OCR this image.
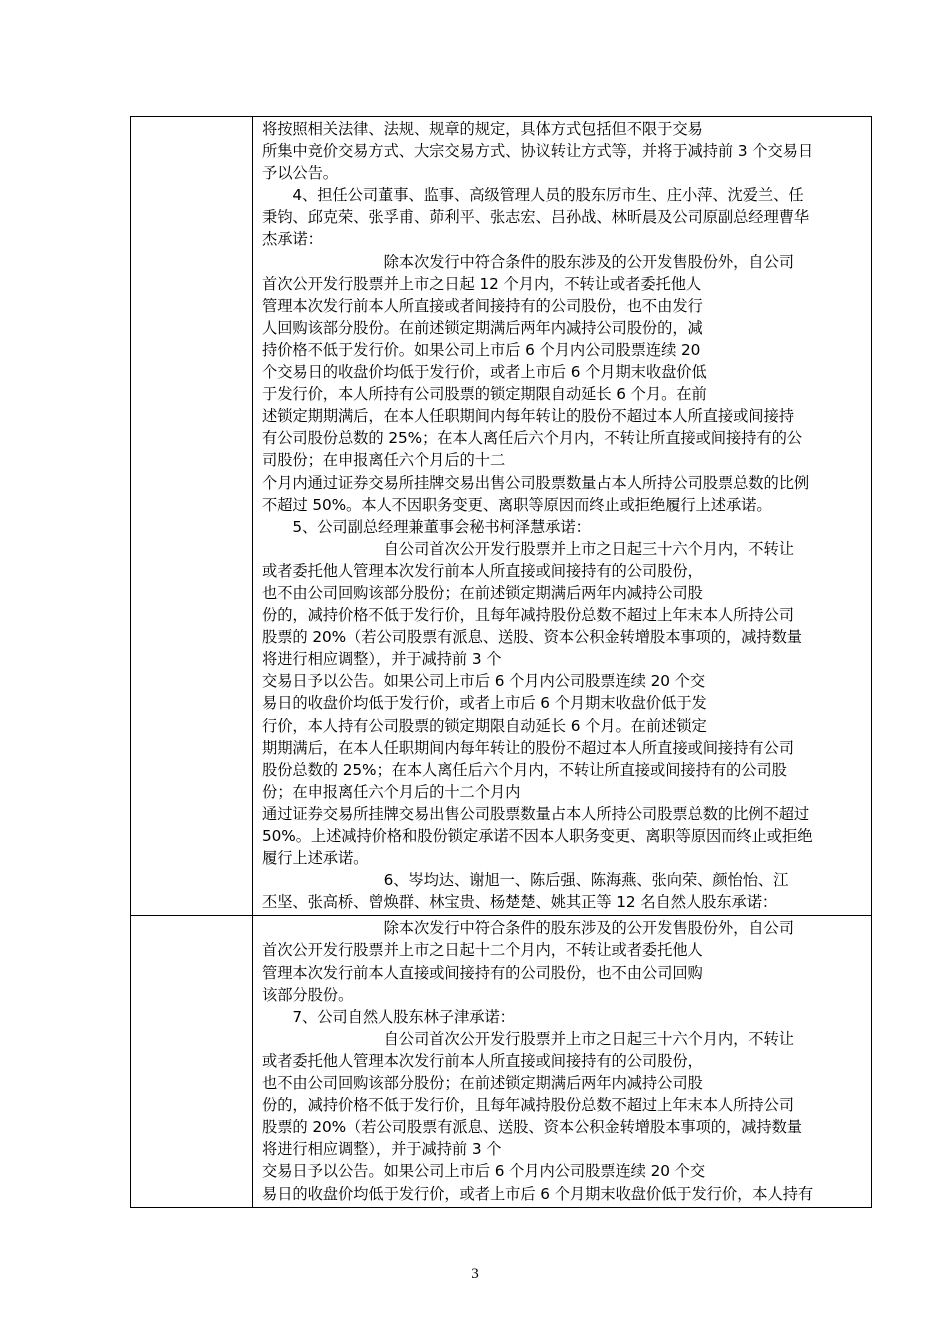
将按照相关法律、法规、规章的规定，具体方式包括但不限于交易
所集中竞价交易方式、大宗交易方式、协议转让方式等，并将于减持前 3 个交易日
予以公告。
　　4、担任公司董事、监事、高级管理人员的股东厉市生、庄小萍、沈爱兰、任
秉钧、邱克荣、张孚甫、茆利平、张志宏、吕孙战、林昕晨及公司原副总经理曹华
杰承诺：
　　　　　　　　除本次发行中符合条件的股东涉及的公开发售股份外，自公司
首次公开发行股票并上市之日起 12 个月内，不转让或者委托他人
管理本次发行前本人所直接或者间接持有的公司股份，也不由发行
人回购该部分股份。在前述锁定期满后两年内减持公司股份的，减
持价格不低于发行价。如果公司上市后 6 个月内公司股票连续 20
个交易日的收盘价均低于发行价，或者上市后 6 个月期末收盘价低
于发行价，本人所持有公司股票的锁定期限自动延长 6 个月。在前
述锁定期期满后，在本人任职期间内每年转让的股份不超过本人所直接或间接持
有公司股份总数的 25%；在本人离任后六个月内，不转让所直接或间接持有的公
司股份；在申报离任六个月后的十二
个月内通过证券交易所挂牌交易出售公司股票数量占本人所持公司股票总数的比例
不超过 50%。本人不因职务变更、离职等原因而终止或拒绝履行上述承诺。
　　5、公司副总经理兼董事会秘书柯泽慧承诺：
　　　　　　　　自公司首次公开发行股票并上市之日起三十六个月内，不转让
或者委托他人管理本次发行前本人所直接或间接持有的公司股份，
也不由公司回购该部分股份；在前述锁定期满后两年内减持公司股
份的，减持价格不低于发行价，且每年减持股份总数不超过上年末本人所持公司
股票的 20%（若公司股票有派息、送股、资本公积金转增股本事项的，减持数量
将进行相应调整），并于减持前 3 个
交易日予以公告。如果公司上市后 6 个月内公司股票连续 20 个交
易日的收盘价均低于发行价，或者上市后 6 个月期末收盘价低于发
行价，本人持有公司股票的锁定期限自动延长 6 个月。在前述锁定
期期满后，在本人任职期间内每年转让的股份不超过本人所直接或间接持有公司
股份总数的 25%；在本人离任后六个月内，不转让所直接或间接持有的公司股
份；在申报离任六个月后的十二个月内
通过证券交易所挂牌交易出售公司股票数量占本人所持公司股票总数的比例不超过
50%。上述减持价格和股份锁定承诺不因本人职务变更、离职等原因而终止或拒绝
履行上述承诺。
　　　　　　　　6、岑均达、谢旭一、陈后强、陈海燕、张向荣、颜怡怡、江
丕坚、张高桥、曾焕群、林宝贵、杨楚楚、姚其正等 12 名自然人股东承诺：
　　　　　　　　除本次发行中符合条件的股东涉及的公开发售股份外，自公司
首次公开发行股票并上市之日起十二个月内，不转让或者委托他人
管理本次发行前本人直接或间接持有的公司股份，也不由公司回购
该部分股份。
　　7、公司自然人股东林子津承诺：
　　　　　　　　自公司首次公开发行股票并上市之日起三十六个月内，不转让
或者委托他人管理本次发行前本人所直接或间接持有的公司股份，
也不由公司回购该部分股份；在前述锁定期满后两年内减持公司股
份的，减持价格不低于发行价，且每年减持股份总数不超过上年末本人所持公司
股票的 20%（若公司股票有派息、送股、资本公积金转增股本事项的，减持数量
将进行相应调整），并于减持前 3 个
交易日予以公告。如果公司上市后 6 个月内公司股票连续 20 个交
易日的收盘价均低于发行价，或者上市后 6 个月期末收盘价低于发行价，本人持有
3
